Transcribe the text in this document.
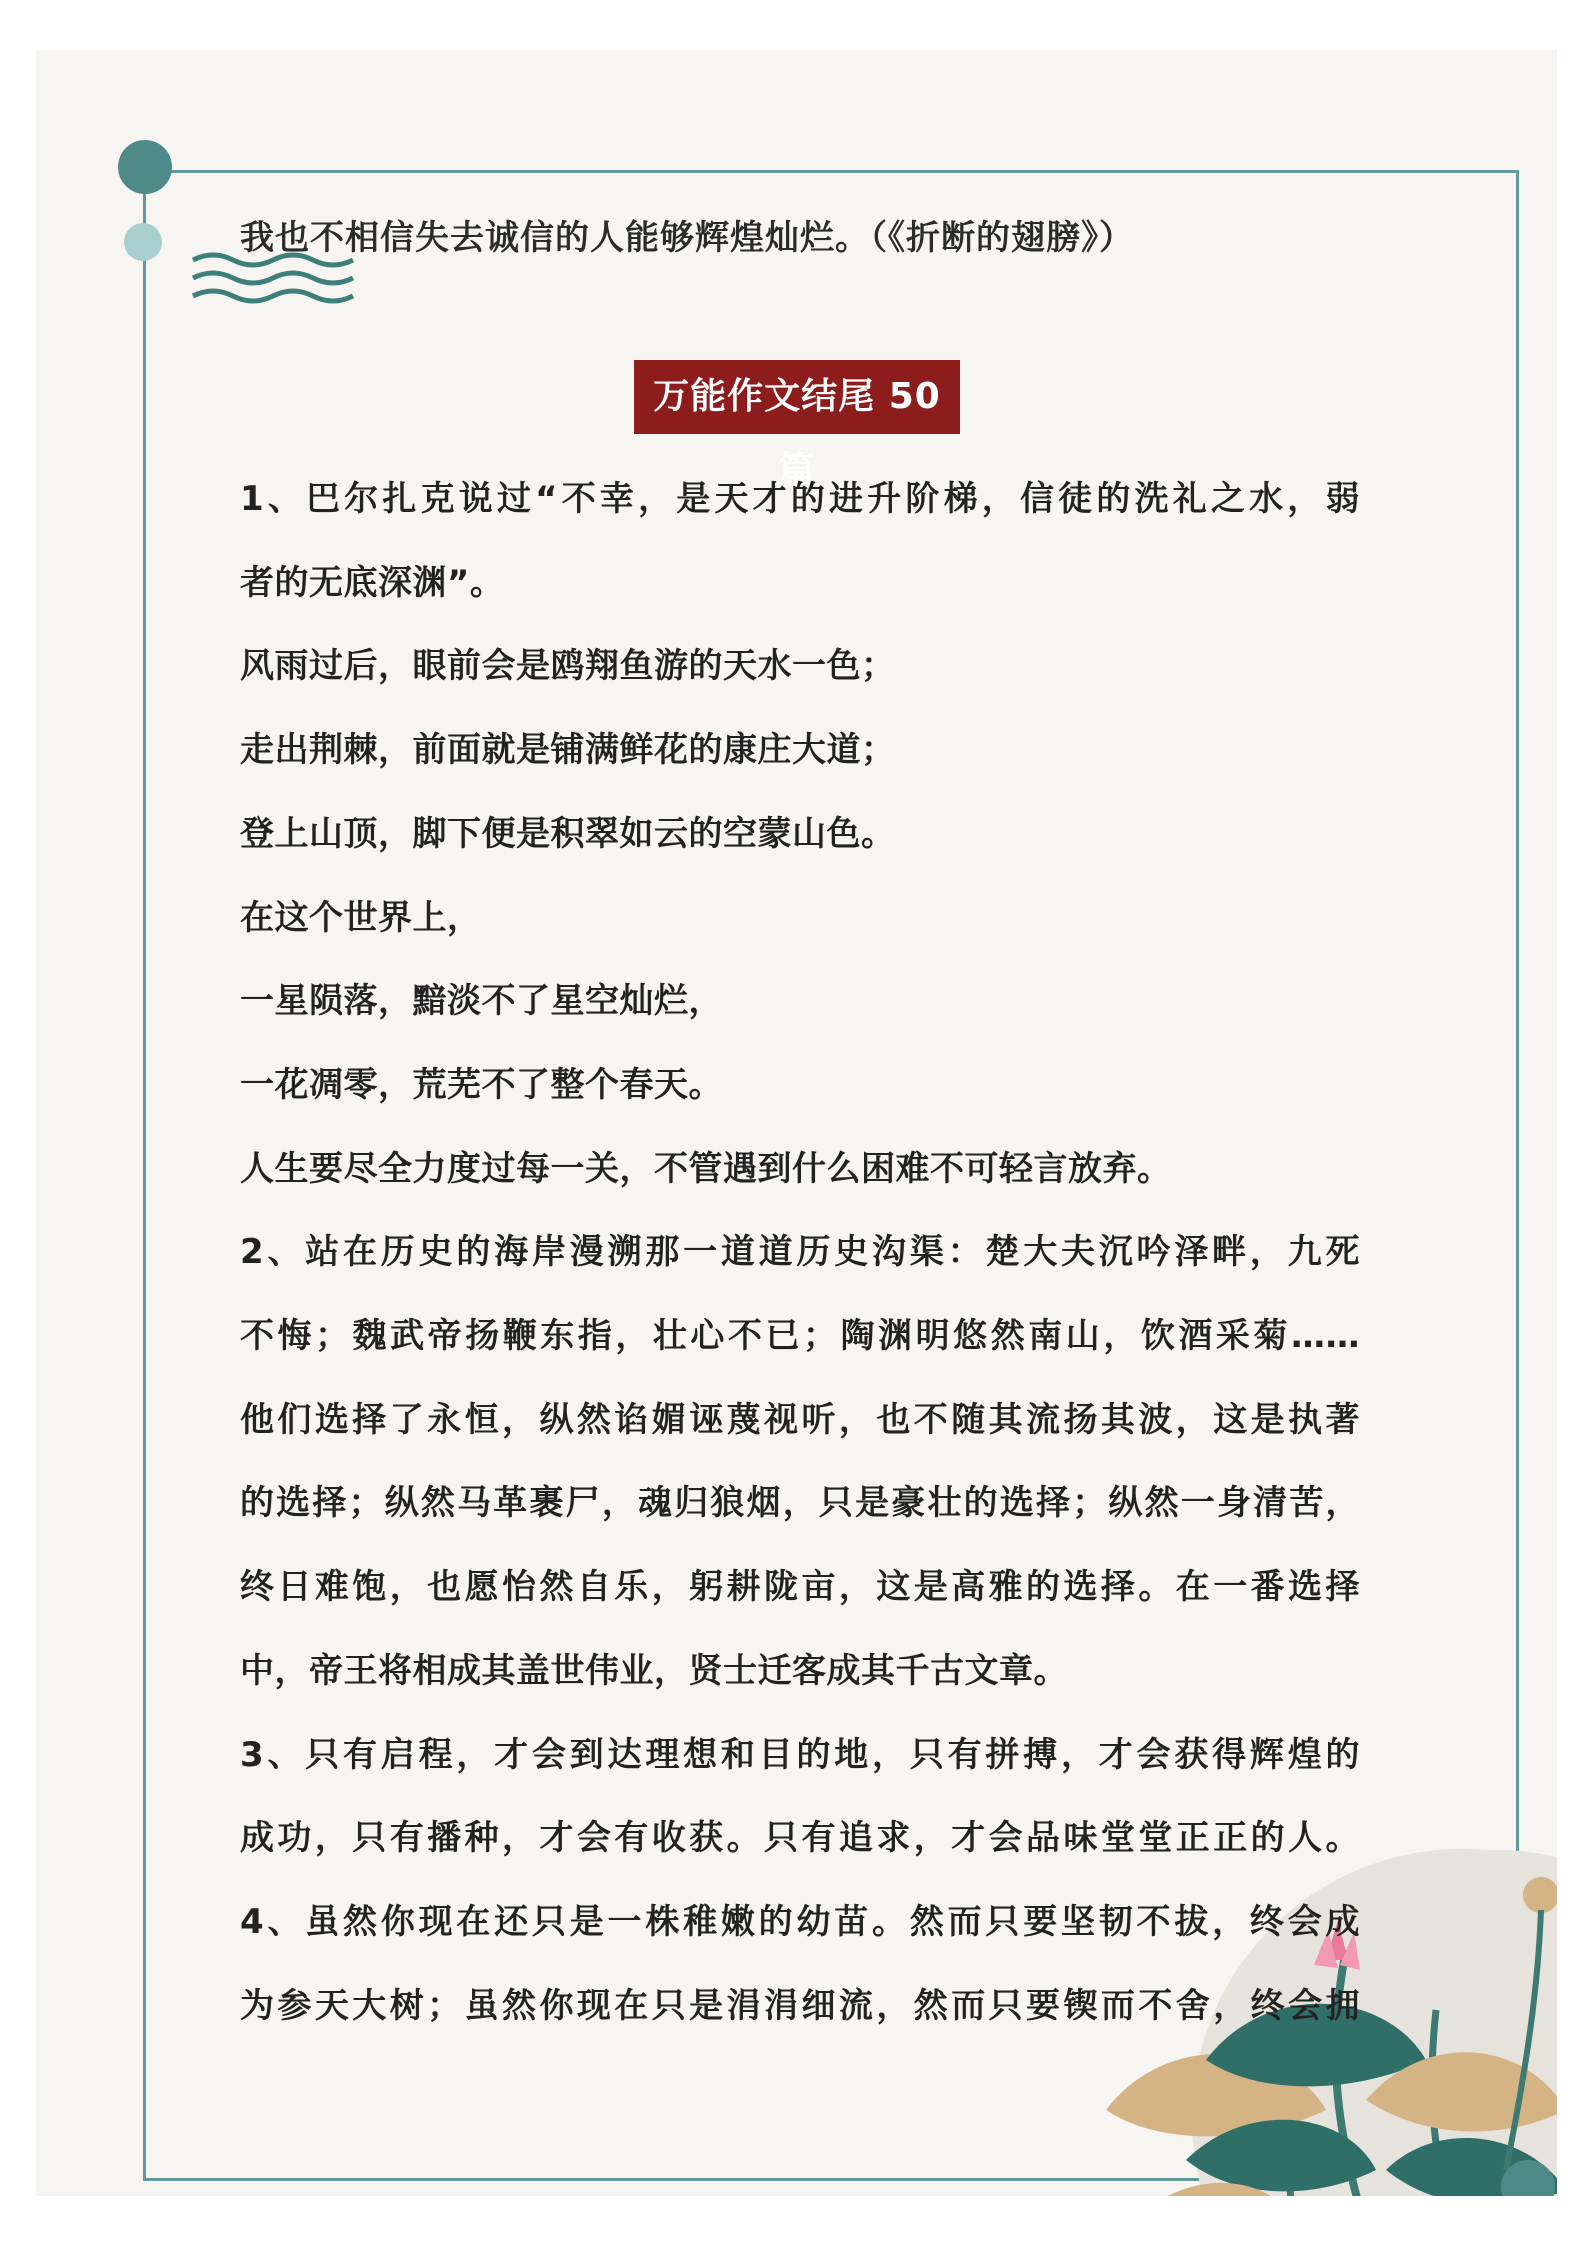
我也不相信失去诚信的人能够辉煌灿烂。（《折断的翅膀》）
万能作文结尾 50 篇

1、巴尔扎克说过“不幸，是天才的进升阶梯，信徒的洗礼之水，弱

者的无底深渊”。

风雨过后，眼前会是鸥翔鱼游的天水一色；

走出荆棘，前面就是铺满鲜花的康庄大道；

登上山顶，脚下便是积翠如云的空蒙山色。

在这个世界上，

一星陨落，黯淡不了星空灿烂，

一花凋零，荒芜不了整个春天。

人生要尽全力度过每一关，不管遇到什么困难不可轻言放弃。

2、站在历史的海岸漫溯那一道道历史沟渠：楚大夫沉吟泽畔，九死

不悔；魏武帝扬鞭东指，壮心不已；陶渊明悠然南山，饮酒采菊……

他们选择了永恒，纵然谄媚诬蔑视听，也不随其流扬其波，这是执著

的选择；纵然马革裹尸，魂归狼烟，只是豪壮的选择；纵然一身清苦，

终日难饱，也愿怡然自乐，躬耕陇亩，这是高雅的选择。在一番选择

中，帝王将相成其盖世伟业，贤士迁客成其千古文章。

3、只有启程，才会到达理想和目的地，只有拼搏，才会获得辉煌的

成功，只有播种，才会有收获。只有追求，才会品味堂堂正正的人。

4、虽然你现在还只是一株稚嫩的幼苗。然而只要坚韧不拔，终会成

为参天大树；虽然你现在只是涓涓细流，然而只要锲而不舍，终会拥
